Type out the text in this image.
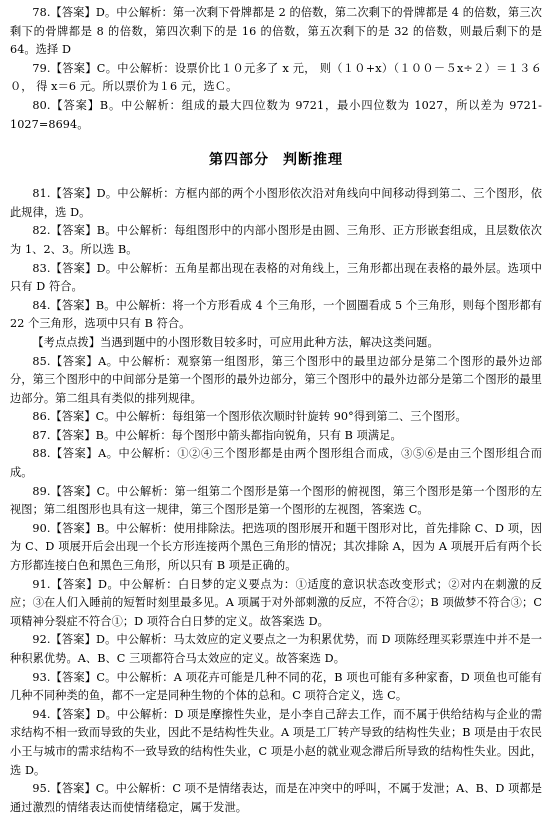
78.【答案】D。中公解析：第一次剩下骨牌都是 2 的倍数，第二次剩下的骨牌都是 4 的倍数，第三次剩下的骨牌都是 8 的倍数，第四次剩下的是 16 的倍数，第五次剩下的是 32 的倍数，则最后剩下的是 64。选择 D

79.【答案】C。中公解析：设票价比１０元多了 x 元， 则（１０+x）（１００－５x÷２）＝１３６０， 得 x＝6 元。所以票价为１6 元，选Ｃ。

80.【答案】B。中公解析：组成的最大四位数为 9721，最小四位数为 1027，所以差为 9721-1027=8694。

第四部分 判断推理

81.【答案】D。中公解析：方框内部的两个小图形依次沿对角线向中间移动得到第二、三个图形，依此规律，选 D。

82.【答案】B。中公解析：每组图形中的内部小图形是由圆、三角形、正方形嵌套组成，且层数依次为 1、2、3。所以选 B。

83.【答案】D。中公解析：五角星都出现在表格的对角线上，三角形都出现在表格的最外层。选项中只有 D 符合。

84.【答案】B。中公解析：将一个方形看成 4 个三角形，一个圆圈看成 5 个三角形，则每个图形都有 22 个三角形，选项中只有 B 符合。

【考点点拨】当遇到题中的小图形数目较多时，可应用此种方法，解决这类问题。

85.【答案】A。中公解析：观察第一组图形，第三个图形中的最里边部分是第二个图形的最外边部分，第三个图形中的中间部分是第一个图形的最外边部分，第三个图形中的最外边部分是第二个图形的最里边部分。第二组具有类似的排列规律。

86.【答案】C。中公解析：每组第一个图形依次顺时针旋转 90°得到第二、三个图形。

87.【答案】B。中公解析：每个图形中箭头都指向锐角，只有 B 项满足。

88.【答案】A。中公解析：①②④三个图形都是由两个图形组合而成，③⑤⑥是由三个图形组合而成。

89.【答案】C。中公解析：第一组第二个图形是第一个图形的俯视图，第三个图形是第一个图形的左视图；第二组图形也具有这一规律，第三个图形是第一个图形的左视图，答案选 C。

90.【答案】B。中公解析：使用排除法。把选项的图形展开和题干图形对比，首先排除 C、D 项，因为 C、D 项展开后会出现一个长方形连接两个黑色三角形的情况；其次排除 A，因为 A 项展开后有两个长方形都连接白色和黑色三角形，所以只有 B 项是正确的。

91.【答案】D。中公解析：白日梦的定义要点为：①适度的意识状态改变形式；②对内在刺激的反应；③在人们入睡前的短暂时刻里最多见。A 项属于对外部刺激的反应，不符合②；B 项做梦不符合③；C 项精神分裂症不符合①；D 项符合白日梦的定义。故答案选 D。

92.【答案】D。中公解析：马太效应的定义要点之一为积累优势，而 D 项陈经理买彩票连中并不是一种积累优势。A、B、C 三项都符合马太效应的定义。故答案选 D。

93.【答案】C。中公解析：A 项花卉可能是几种不同的花，B 项也可能有多种家畜，D 项鱼也可能有几种不同种类的鱼，都不一定是同种生物的个体的总和。C 项符合定义，选 C。

94.【答案】D。中公解析：D 项是摩擦性失业，是小李自己辞去工作，而不属于供给结构与企业的需求结构不相一致而导致的失业，因此不是结构性失业。A 项是工厂转产导致的结构性失业；B 项是由于农民小王与城市的需求结构不一致导致的结构性失业，C 项是小赵的就业观念滞后所导致的结构性失业。因此，选 D。

95.【答案】C。中公解析：C 项不是情绪表达，而是在冲突中的呼叫，不属于发泄；A、B、D 项都是通过激烈的情绪表达而使情绪稳定，属于发泄。
